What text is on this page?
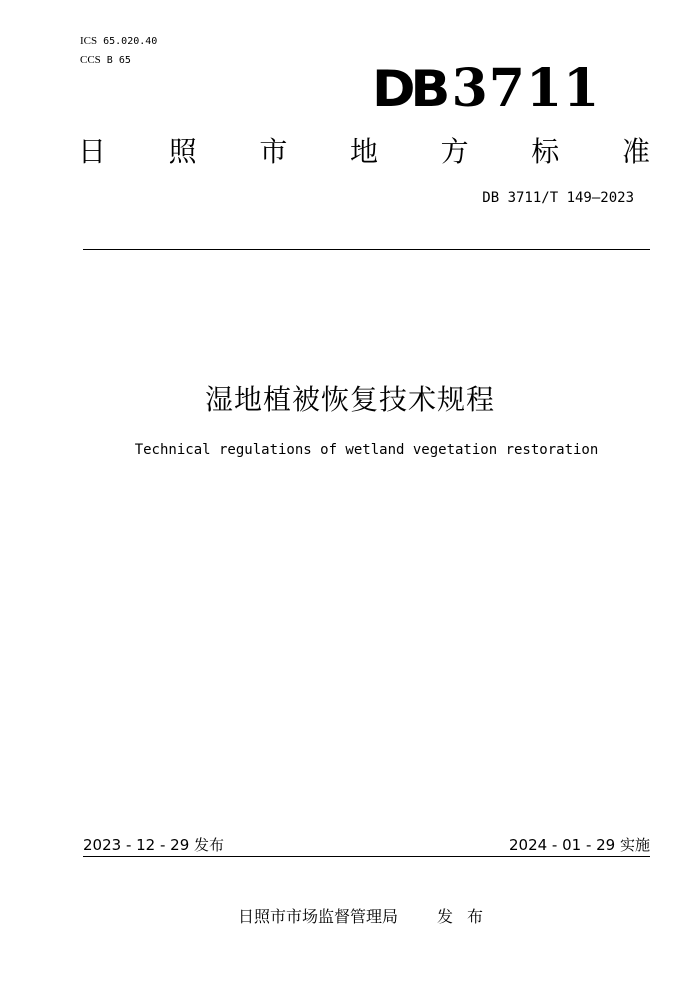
ICS 65.020.40
CCS B 65	DB 3711
日 照 市 地 方 标 准
DB 3711/T 149—2023
湿地植被恢复技术规程
Technical regulations of wetland vegetation restoration
2023 - 12 - 29 发布	2024 - 01 - 29 实施
日照市市场监督管理局 发布
